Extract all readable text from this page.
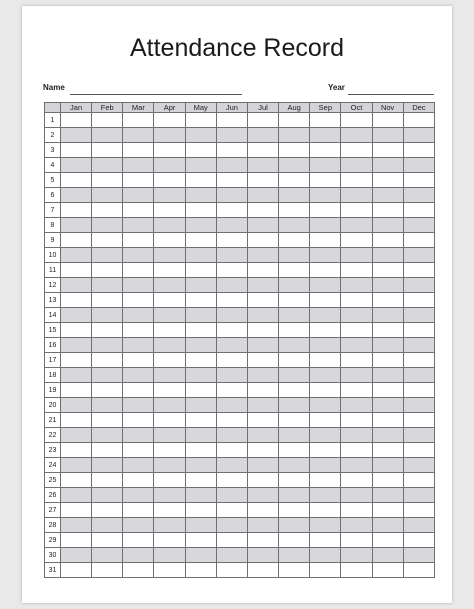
Attendance Record
Name	Year
	Jan	Feb	Mar	Apr	May	Jun	Jul	Aug	Sep	Oct	Nov	Dec
1												
2												
3												
4												
5												
6												
7												
8												
9												
10												
11												
12												
13												
14												
15												
16												
17												
18												
19												
20												
21												
22												
23												
24												
25												
26												
27												
28												
29												
30												
31												
